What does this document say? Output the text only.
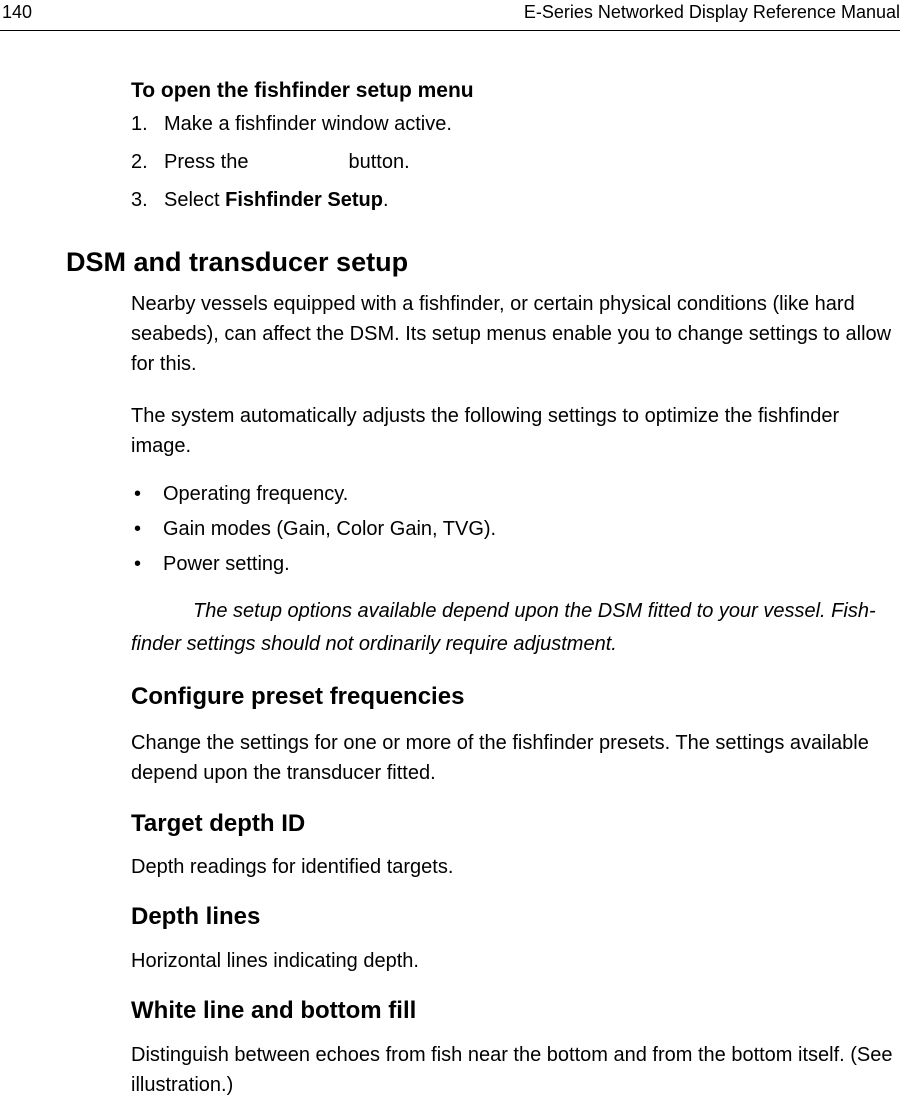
140	E-Series Networked Display Reference Manual
To open the fishfinder setup menu
1. Make a fishfinder window active.
2. Press the	button.
3. Select Fishfinder Setup.
DSM and transducer setup

Nearby vessels equipped with a fishfinder, or certain physical conditions (like hard seabeds), can affect the DSM. Its setup menus enable you to change settings to allow for this.

The system automatically adjusts the following settings to optimize the fishfinder image.

• Operating frequency.
• Gain modes (Gain, Color Gain, TVG).
• Power setting.

The setup options available depend upon the DSM fitted to your vessel. Fish-finder settings should not ordinarily require adjustment.

Configure preset frequencies

Change the settings for one or more of the fishfinder presets. The settings available depend upon the transducer fitted.

Target depth ID

Depth readings for identified targets.

Depth lines

Horizontal lines indicating depth.

White line and bottom fill

Distinguish between echoes from fish near the bottom and from the bottom itself. (See illustration.)
